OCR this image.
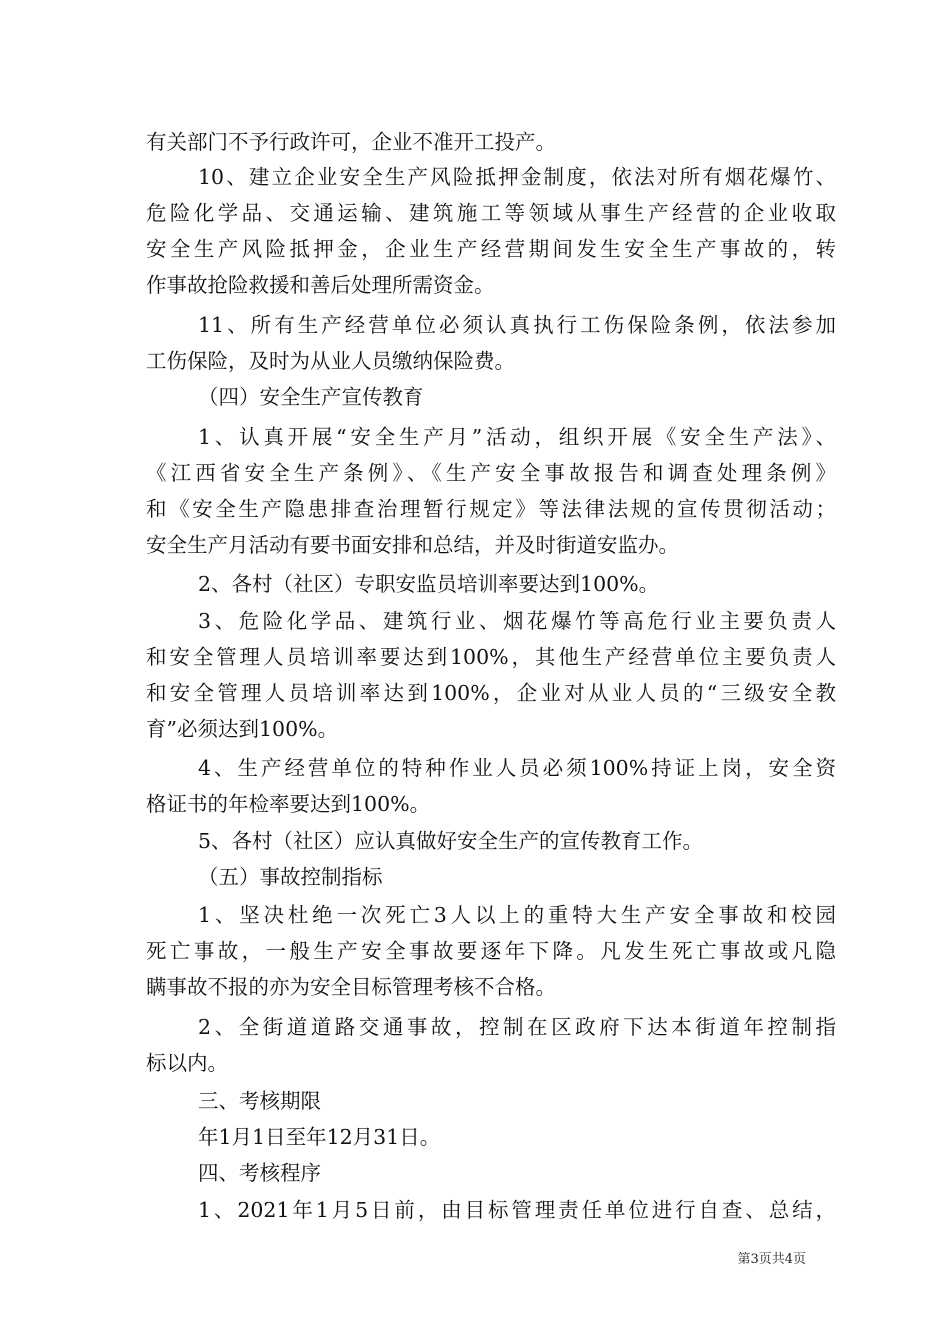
有关部门不予行政许可，企业不准开工投产。
10、建立企业安全生产风险抵押金制度，依法对所有烟花爆竹、
危险化学品、交通运输、建筑施工等领域从事生产经营的企业收取
安全生产风险抵押金，企业生产经营期间发生安全生产事故的，转
作事故抢险救援和善后处理所需资金。
11、所有生产经营单位必须认真执行工伤保险条例，依法参加
工伤保险，及时为从业人员缴纳保险费。
（四）安全生产宣传教育
1、认真开展“安全生产月”活动，组织开展《安全生产法》、
《江西省安全生产条例》、《生产安全事故报告和调查处理条例》
和《安全生产隐患排查治理暂行规定》等法律法规的宣传贯彻活动；
安全生产月活动有要书面安排和总结，并及时街道安监办。
2、各村（社区）专职安监员培训率要达到100%。
3、危险化学品、建筑行业、烟花爆竹等高危行业主要负责人
和安全管理人员培训率要达到100%，其他生产经营单位主要负责人
和安全管理人员培训率达到100%，企业对从业人员的“三级安全教
育”必须达到100%。
4、生产经营单位的特种作业人员必须100%持证上岗，安全资
格证书的年检率要达到100%。
5、各村（社区）应认真做好安全生产的宣传教育工作。
（五）事故控制指标
1、坚决杜绝一次死亡3人以上的重特大生产安全事故和校园
死亡事故，一般生产安全事故要逐年下降。凡发生死亡事故或凡隐
瞒事故不报的亦为安全目标管理考核不合格。
2、全街道道路交通事故，控制在区政府下达本街道年控制指
标以内。
三、考核期限
年1月1日至年12月31日。
四、考核程序
1、2021年1月5日前，由目标管理责任单位进行自查、总结，
第3页共4页
